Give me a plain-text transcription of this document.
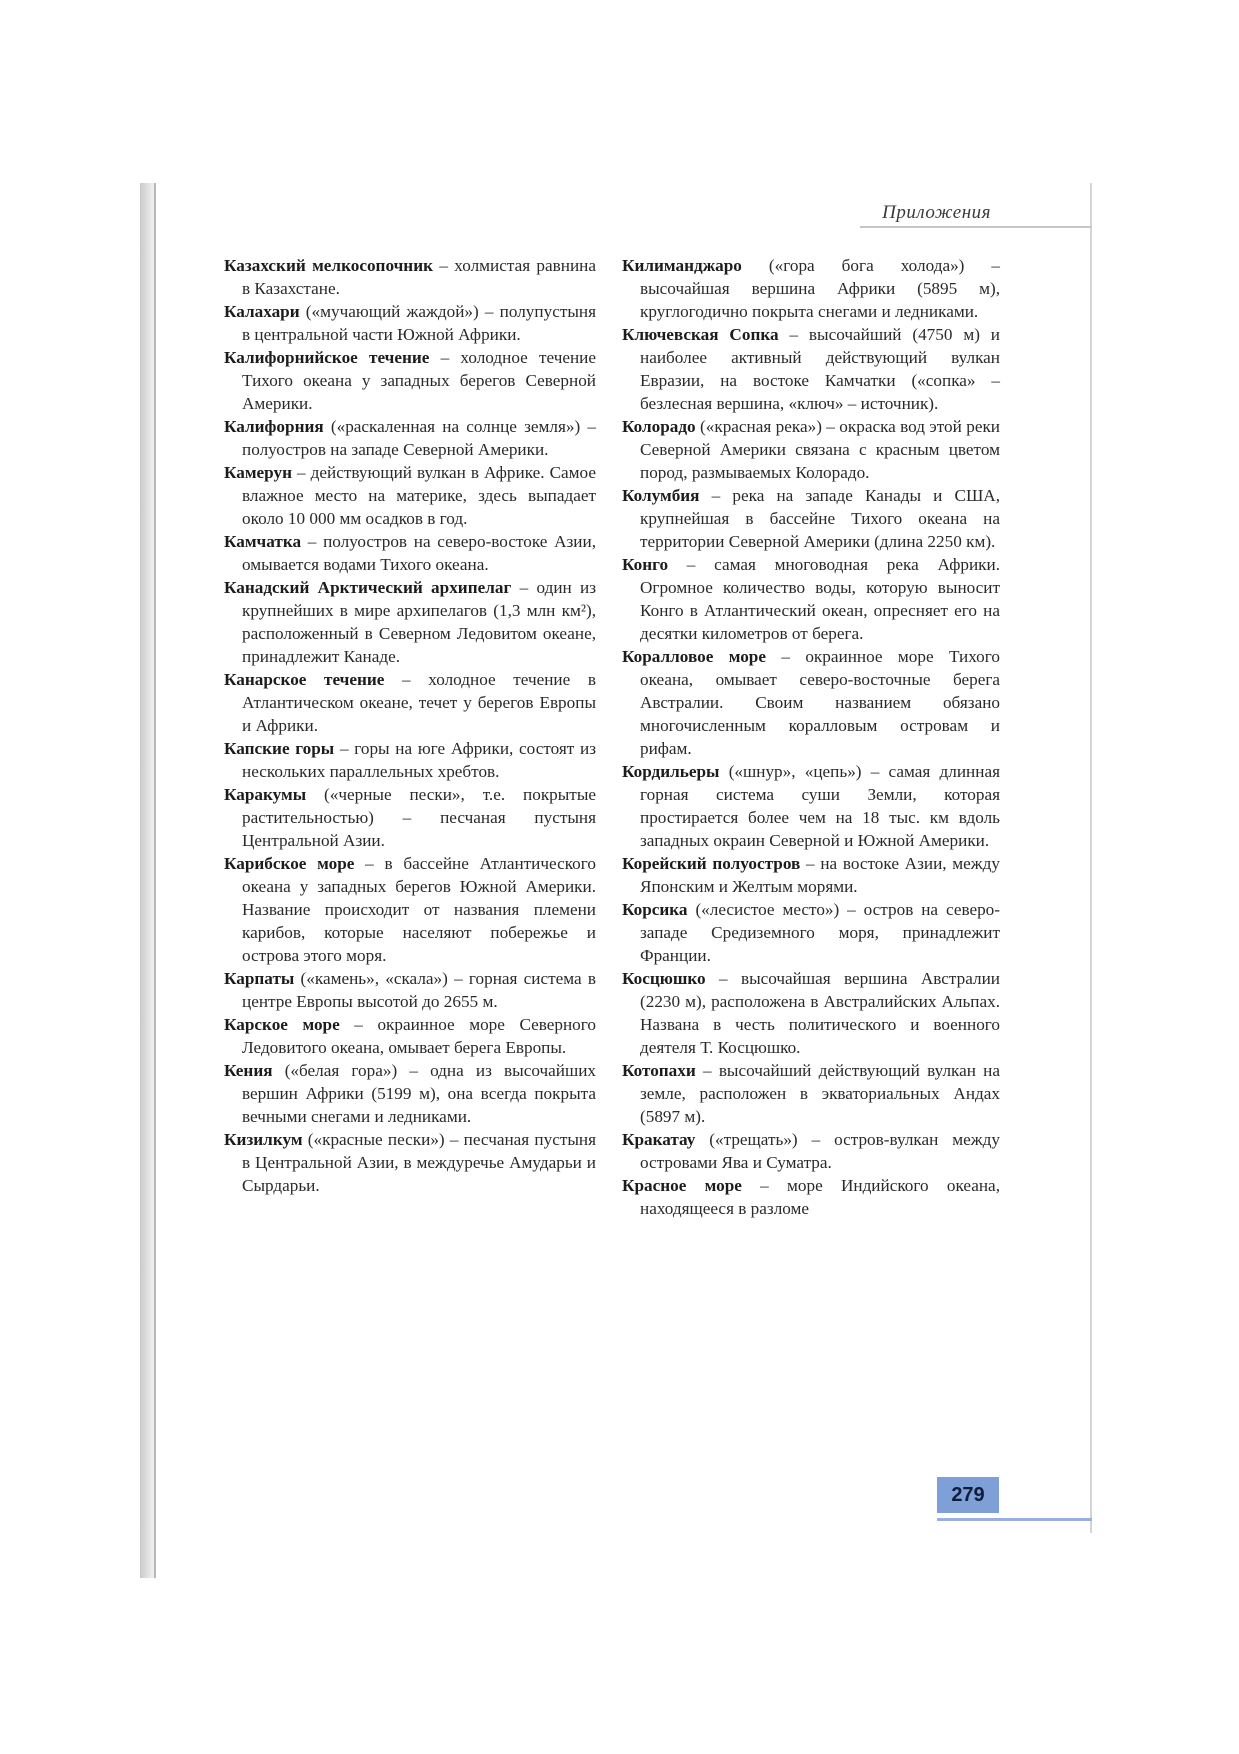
Приложения

Казахский мелкосопочник – холмистая равнина в Казахстане.

Калахари («мучающий жаждой») – полупустыня в центральной части Южной Африки.

Калифорнийское течение – холодное течение Тихого океана у западных берегов Северной Америки.

Калифорния («раскаленная на солнце земля») – полуостров на западе Северной Америки.

Камерун – действующий вулкан в Африке. Самое влажное место на материке, здесь выпадает около 10 000 мм осадков в год.

Камчатка – полуостров на северо-востоке Азии, омывается водами Тихого океана.

Канадский Арктический архипелаг – один из крупнейших в мире архипелагов (1,3 млн км²), расположенный в Северном Ледовитом океане, принадлежит Канаде.

Канарское течение – холодное течение в Атлантическом океане, течет у берегов Европы и Африки.

Капские горы – горы на юге Африки, состоят из нескольких параллельных хребтов.

Каракумы («черные пески», т.е. покрытые растительностью) – песчаная пустыня Центральной Азии.

Карибское море – в бассейне Атлантического океана у западных берегов Южной Америки. Название происходит от названия племени карибов, которые населяют побережье и острова этого моря.

Карпаты («камень», «скала») – горная система в центре Европы высотой до 2655 м.

Карское море – окраинное море Северного Ледовитого океана, омывает берега Европы.

Кения («белая гора») – одна из высочайших вершин Африки (5199 м), она всегда покрыта вечными снегами и ледниками.

Кизилкум («красные пески») – песчаная пустыня в Центральной Азии, в междуречье Амударьи и Сырдарьи.

Килиманджаро («гора бога холода») – высочайшая вершина Африки (5895 м), круглогодично покрыта снегами и ледниками.

Ключевская Сопка – высочайший (4750 м) и наиболее активный действующий вулкан Евразии, на востоке Камчатки («сопка» – безлесная вершина, «ключ» – источник).

Колорадо («красная река») – окраска вод этой реки Северной Америки связана с красным цветом пород, размываемых Колорадо.

Колумбия – река на западе Канады и США, крупнейшая в бассейне Тихого океана на территории Северной Америки (длина 2250 км).

Конго – самая многоводная река Африки. Огромное количество воды, которую выносит Конго в Атлантический океан, опресняет его на десятки километров от берега.

Коралловое море – окраинное море Тихого океана, омывает северо-восточные берега Австралии. Своим названием обязано многочисленным коралловым островам и рифам.

Кордильеры («шнур», «цепь») – самая длинная горная система суши Земли, которая простирается более чем на 18 тыс. км вдоль западных окраин Северной и Южной Америки.

Корейский полуостров – на востоке Азии, между Японским и Желтым морями.

Корсика («лесистое место») – остров на северо-западе Средиземного моря, принадлежит Франции.

Косцюшко – высочайшая вершина Австралии (2230 м), расположена в Австралийских Альпах. Названа в честь политического и военного деятеля Т. Косцюшко.

Котопахи – высочайший действующий вулкан на земле, расположен в экваториальных Андах (5897 м).

Кракатау («трещать») – остров-вулкан между островами Ява и Суматра.

Красное море – море Индийского океана, находящееся в разломе

279
